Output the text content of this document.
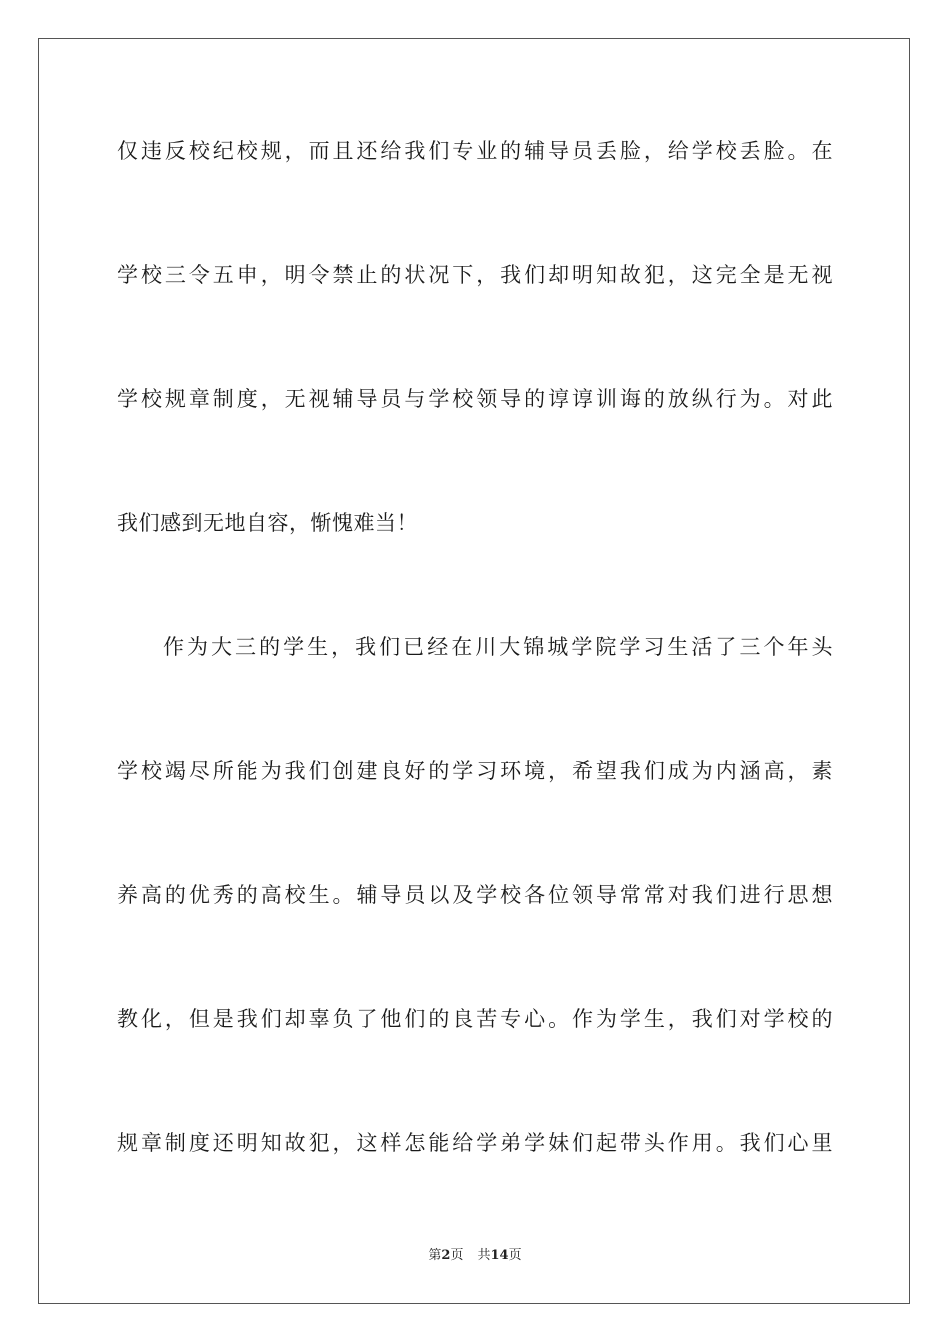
仅违反校纪校规，而且还给我们专业的辅导员丢脸，给学校丢脸。在
学校三令五申，明令禁止的状况下，我们却明知故犯，这完全是无视
学校规章制度，无视辅导员与学校领导的谆谆训诲的放纵行为。对此
我们感到无地自容，惭愧难当！
作为大三的学生，我们已经在川大锦城学院学习生活了三个年头
学校竭尽所能为我们创建良好的学习环境，希望我们成为内涵高，素
养高的优秀的高校生。辅导员以及学校各位领导常常对我们进行思想
教化，但是我们却辜负了他们的良苦专心。作为学生，我们对学校的
规章制度还明知故犯，这样怎能给学弟学妹们起带头作用。我们心里
第2页 共14页
